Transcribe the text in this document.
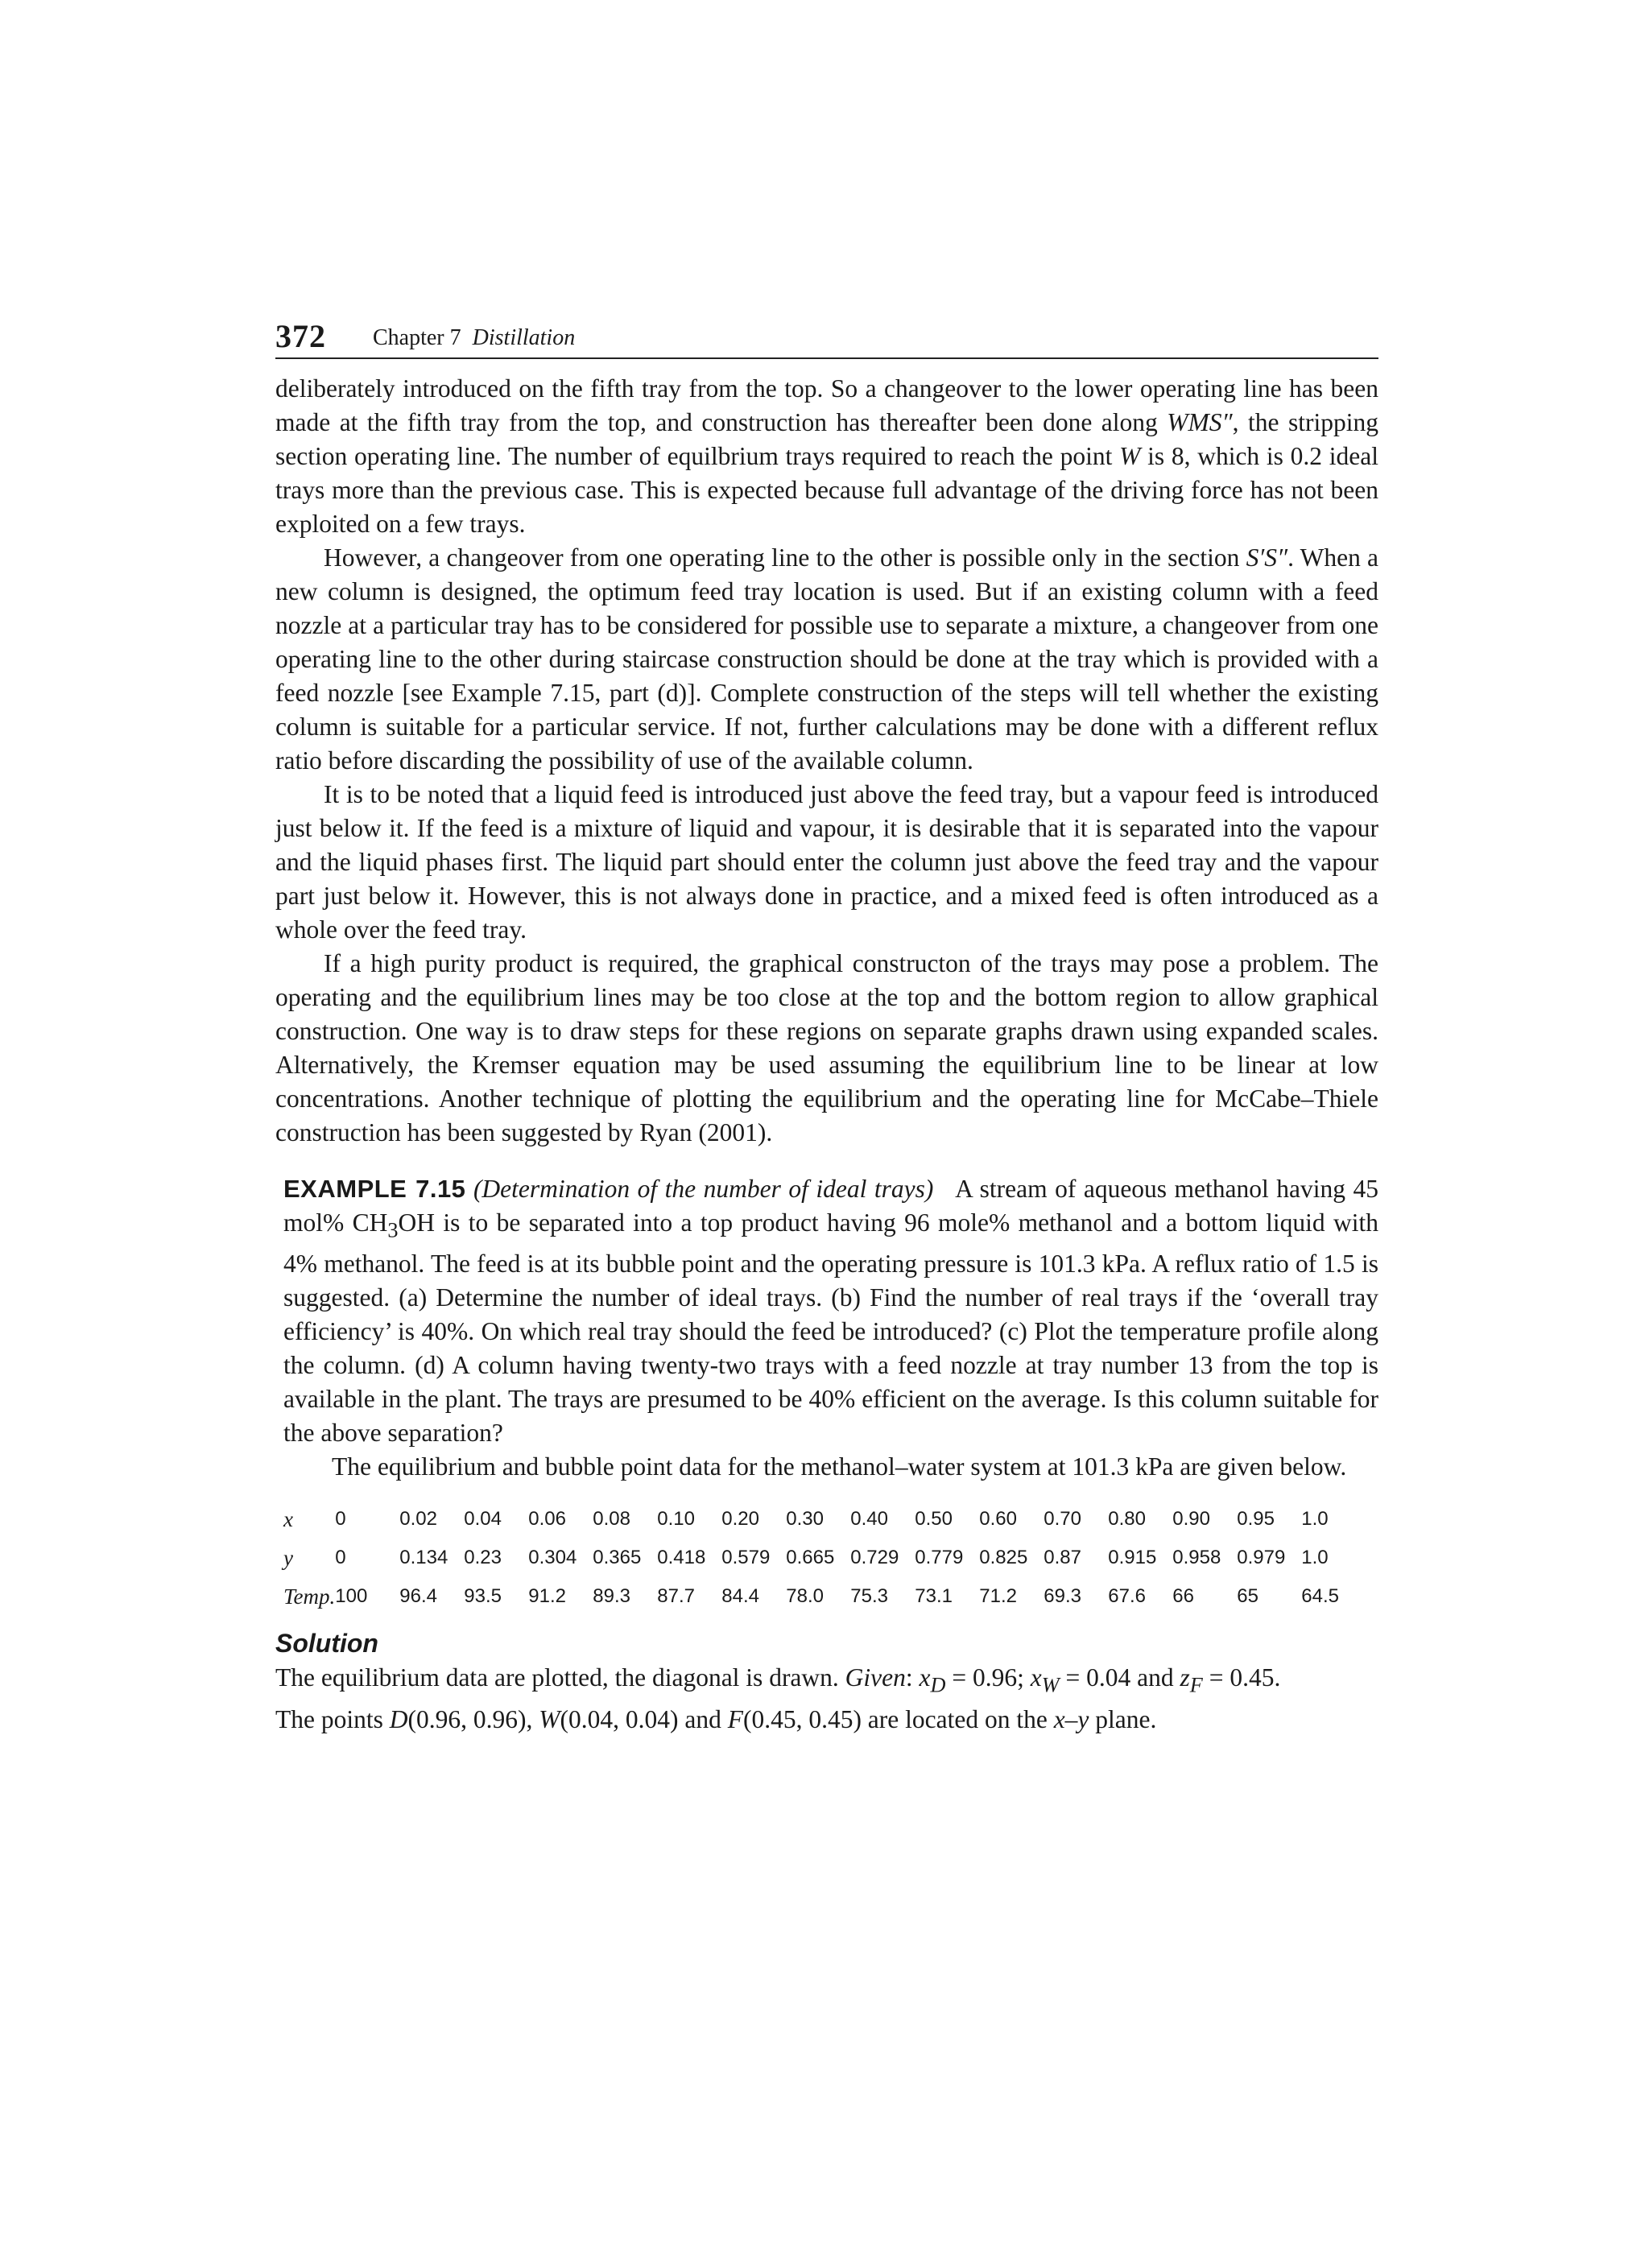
372 Chapter 7 Distillation

deliberately introduced on the fifth tray from the top. So a changeover to the lower operating line has been made at the fifth tray from the top, and construction has thereafter been done along WMS″, the stripping section operating line. The number of equilbrium trays required to reach the point W is 8, which is 0.2 ideal trays more than the previous case. This is expected because full advantage of the driving force has not been exploited on a few trays.

However, a changeover from one operating line to the other is possible only in the section S′S″. When a new column is designed, the optimum feed tray location is used. But if an existing column with a feed nozzle at a particular tray has to be considered for possible use to separate a mixture, a changeover from one operating line to the other during staircase construction should be done at the tray which is provided with a feed nozzle [see Example 7.15, part (d)]. Complete construction of the steps will tell whether the existing column is suitable for a particular service. If not, further calculations may be done with a different reflux ratio before discarding the possibility of use of the available column.

It is to be noted that a liquid feed is introduced just above the feed tray, but a vapour feed is introduced just below it. If the feed is a mixture of liquid and vapour, it is desirable that it is separated into the vapour and the liquid phases first. The liquid part should enter the column just above the feed tray and the vapour part just below it. However, this is not always done in practice, and a mixed feed is often introduced as a whole over the feed tray.

If a high purity product is required, the graphical constructon of the trays may pose a problem. The operating and the equilibrium lines may be too close at the top and the bottom region to allow graphical construction. One way is to draw steps for these regions on separate graphs drawn using expanded scales. Alternatively, the Kremser equation may be used assuming the equilibrium line to be linear at low concentrations. Another technique of plotting the equilibrium and the operating line for McCabe–Thiele construction has been suggested by Ryan (2001).

EXAMPLE 7.15 (Determination of the number of ideal trays) A stream of aqueous methanol having 45 mol% $CH_3OH$ is to be separated into a top product having 96 mole% methanol and a bottom liquid with 4% methanol. The feed is at its bubble point and the operating pressure is 101.3 kPa. A reflux ratio of 1.5 is suggested. (a) Determine the number of ideal trays. (b) Find the number of real trays if the ‘overall tray efficiency’ is 40%. On which real tray should the feed be introduced? (c) Plot the temperature profile along the column. (d) A column having twenty-two trays with a feed nozzle at tray number 13 from the top is available in the plant. The trays are presumed to be 40% efficient on the average. Is this column suitable for the above separation?

The equilibrium and bubble point data for the methanol–water system at 101.3 kPa are given below.

x	0	0.02	0.04	0.06	0.08	0.10	0.20	0.30	0.40	0.50	0.60	0.70	0.80	0.90	0.95	1.0
y	0	0.134	0.23	0.304	0.365	0.418	0.579	0.665	0.729	0.779	0.825	0.87	0.915	0.958	0.979	1.0
Temp.	100	96.4	93.5	91.2	89.3	87.7	84.4	78.0	75.3	73.1	71.2	69.3	67.6	66	65	64.5
Solution

The equilibrium data are plotted, the diagonal is drawn. Given: $x_D = 0.96$; $x_W = 0.04$ and $z_F = 0.45$.

The points D(0.96, 0.96), W(0.04, 0.04) and F(0.45, 0.45) are located on the x–y plane.
